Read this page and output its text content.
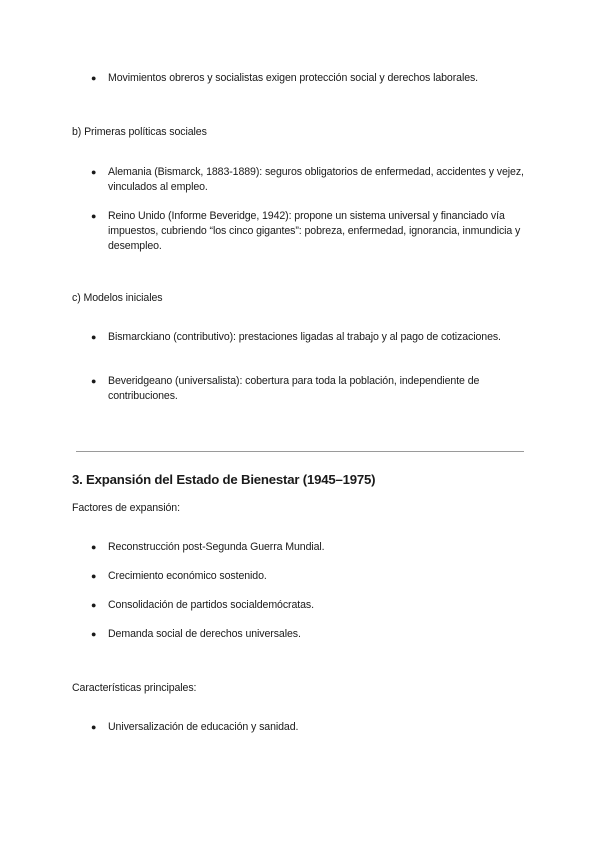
● Movimientos obreros y socialistas exigen protección social y derechos laborales.
b) Primeras políticas sociales
● Alemania (Bismarck, 1883-1889): seguros obligatorios de enfermedad, accidentes y vejez, vinculados al empleo.
● Reino Unido (Informe Beveridge, 1942): propone un sistema universal y financiado vía impuestos, cubriendo “los cinco gigantes”: pobreza, enfermedad, ignorancia, inmundicia y desempleo.
c) Modelos iniciales
● Bismarckiano (contributivo): prestaciones ligadas al trabajo y al pago de cotizaciones.
● Beveridgeano (universalista): cobertura para toda la población, independiente de contribuciones.
3. Expansión del Estado de Bienestar (1945–1975)
Factores de expansión:
● Reconstrucción post-Segunda Guerra Mundial.
● Crecimiento económico sostenido.
● Consolidación de partidos socialdemócratas.
● Demanda social de derechos universales.
Características principales:
● Universalización de educación y sanidad.
